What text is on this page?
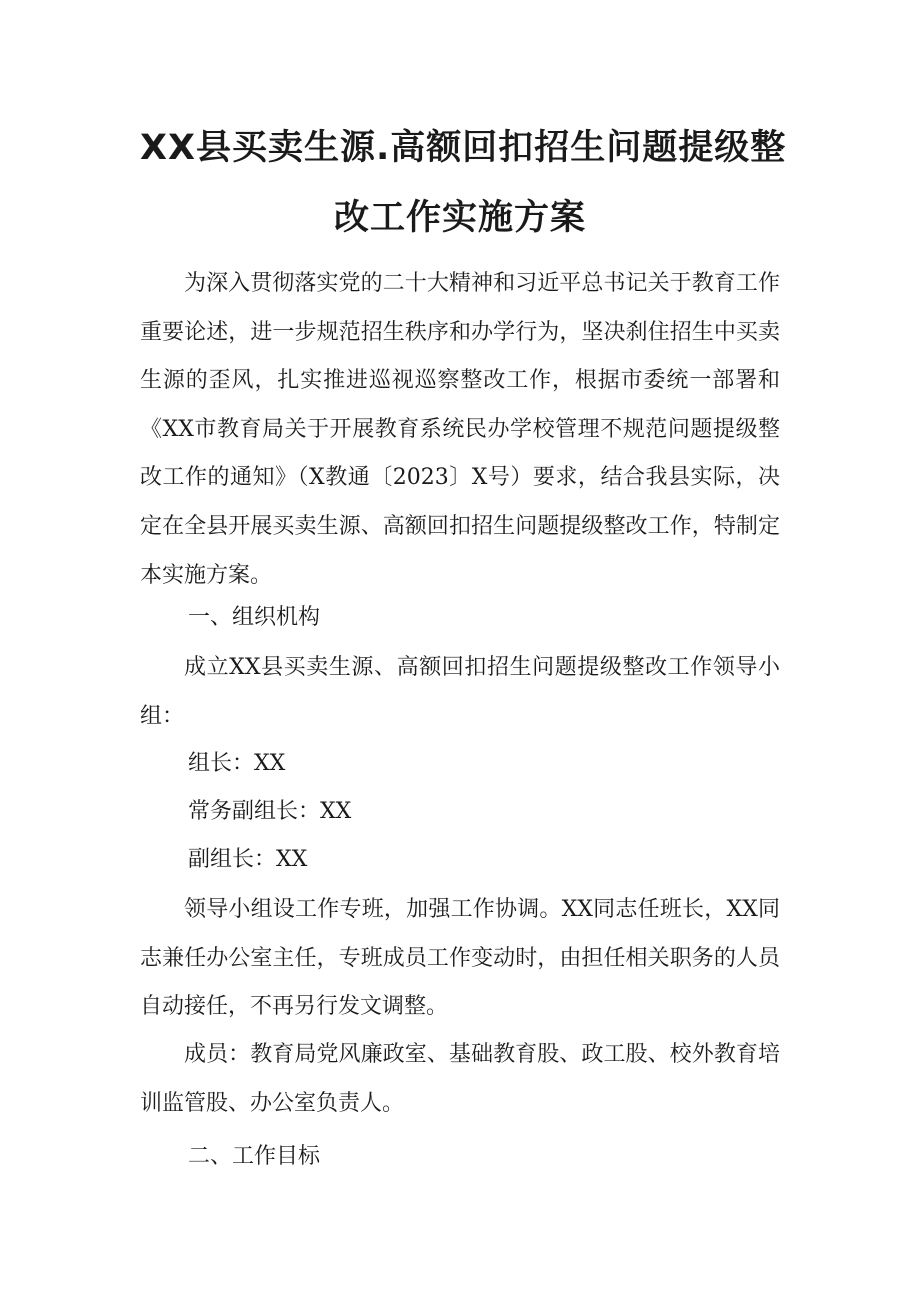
XX县买卖生源.高额回扣招生问题提级整
改工作实施方案

为深入贯彻落实党的二十大精神和习近平总书记关于教育工作重要论述，进一步规范招生秩序和办学行为，坚决刹住招生中买卖生源的歪风，扎实推进巡视巡察整改工作，根据市委统一部署和《XX市教育局关于开展教育系统民办学校管理不规范问题提级整改工作的通知》（X教通〔2023〕X号）要求，结合我县实际，决定在全县开展买卖生源、高额回扣招生问题提级整改工作，特制定本实施方案。

一、组织机构

成立XX县买卖生源、高额回扣招生问题提级整改工作领导小组：

组长：XX
常务副组长：XX
副组长：XX

领导小组设工作专班，加强工作协调。XX同志任班长，XX同志兼任办公室主任，专班成员工作变动时，由担任相关职务的人员自动接任，不再另行发文调整。

成员：教育局党风廉政室、基础教育股、政工股、校外教育培训监管股、办公室负责人。

二、工作目标
